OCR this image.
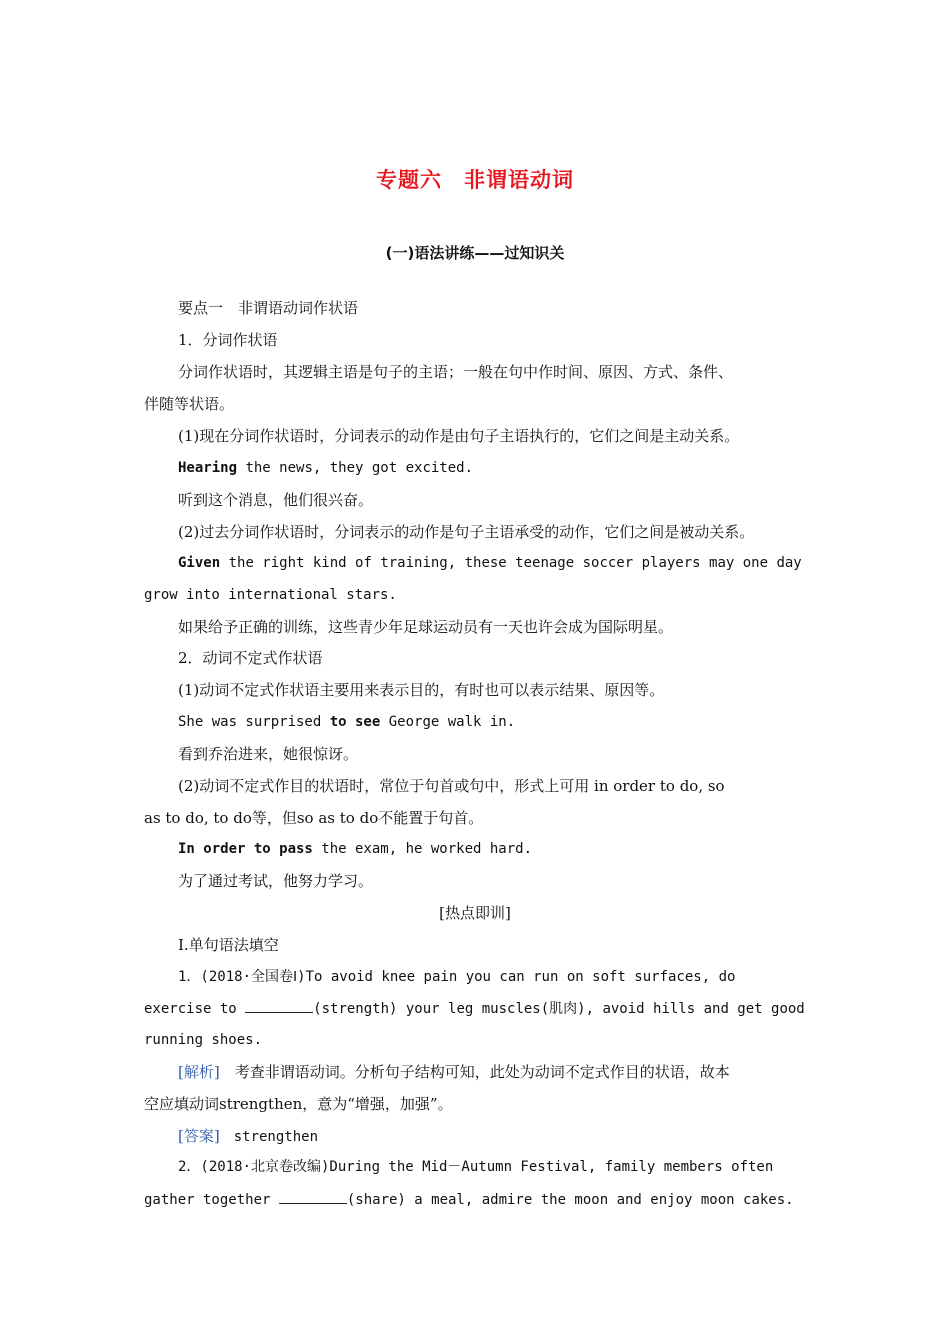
专题六　非谓语动词
(一)语法讲练——过知识关
要点一　非谓语动词作状语
1．分词作状语
分词作状语时，其逻辑主语是句子的主语；一般在句中作时间、原因、方式、条件、
伴随等状语。
(1)现在分词作状语时，分词表示的动作是由句子主语执行的，它们之间是主动关系。
Hearing the news, they got excited.
听到这个消息，他们很兴奋。
(2)过去分词作状语时，分词表示的动作是句子主语承受的动作，它们之间是被动关系。
Given the right kind of training, these teenage soccer players may one day
grow into international stars.
如果给予正确的训练，这些青少年足球运动员有一天也许会成为国际明星。
2．动词不定式作状语
(1)动词不定式作状语主要用来表示目的，有时也可以表示结果、原因等。
She was surprised to see George walk in.
看到乔治进来，她很惊讶。
(2)动词不定式作目的状语时，常位于句首或句中，形式上可用 in order to do, so
as to do, to do等，但so as to do不能置于句首。
In order to pass the exam, he worked hard.
为了通过考试，他努力学习。
[热点即训]
Ⅰ.单句语法填空
1．(2018·全国卷Ⅰ)To avoid knee pain you can run on soft surfaces, do
exercise to	(strength) your leg muscles(肌肉), avoid hills and get good
running shoes.
[解析]　考查非谓语动词。分析句子结构可知，此处为动词不定式作目的状语，故本
空应填动词strengthen，意为“增强，加强”。
[答案]　strengthen
2．(2018·北京卷改编)During the Mid－Autumn Festival, family members often
gather together	(share) a meal, admire the moon and enjoy moon cakes.
